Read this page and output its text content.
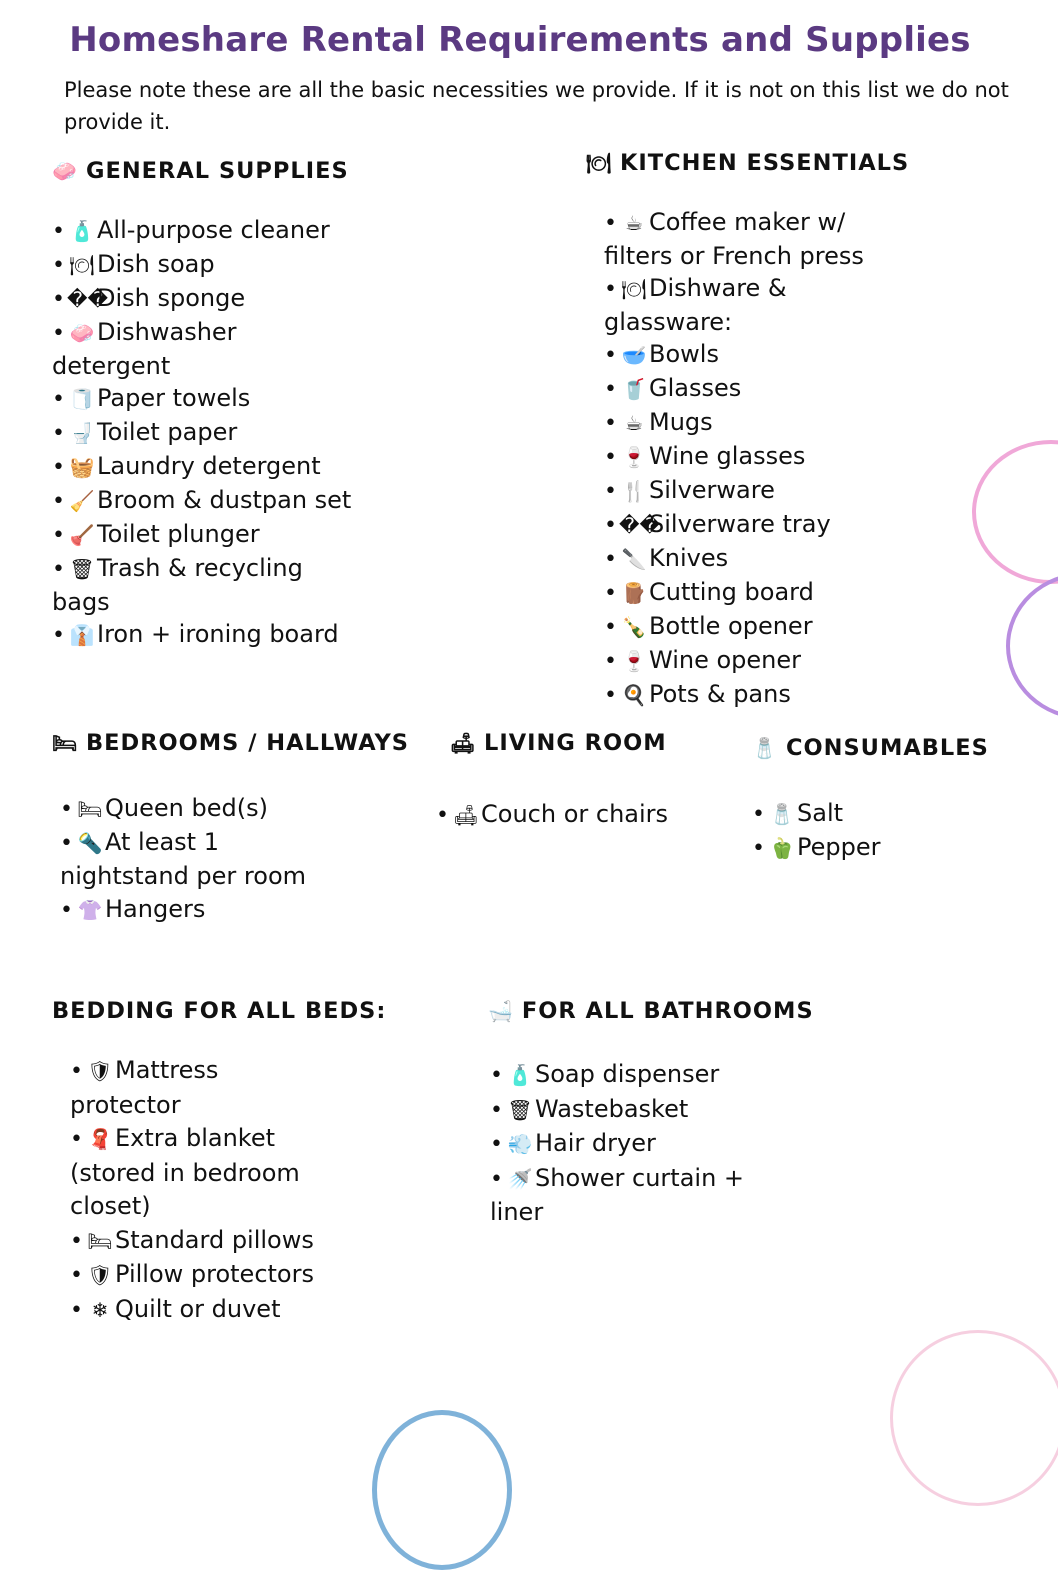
Homeshare Rental Requirements and Supplies
Please note these are all the basic necessities we provide. If it is not on this list we do not provide it.
🧼 GENERAL SUPPLIES
• 🧴 All-purpose cleaner
• 🍽Dish soap
• ��Dish sponge
• 🧼 Dishwasher detergent
• 🧻 Paper towels
• 🚽 Toilet paper
• 🧺 Laundry detergent
• 🧹 Broom & dustpan set
• 🪠 Toilet plunger
• 🗑Trash & recycling bags
• 👔 Iron + ironing board
🍽 KITCHEN ESSENTIALS
• ☕ Coffee maker w/ filters or French press
• 🍽Dishware & glassware:
• 🥣 Bowls
• 🥤 Glasses
• ☕ Mugs
• 🍷 Wine glasses
• 🍴 Silverware
• ��Silverware tray
• 🔪 Knives
• 🪵 Cutting board
• 🍾 Bottle opener
• 🍷 Wine opener
• 🍳 Pots & pans
🛏 BEDROOMS / HALLWAYS
• 🛏Queen bed(s)
• 🔦 At least 1 nightstand per room
• 👚 Hangers
🛋 LIVING ROOM
• 🛋Couch or chairs
🧂 CONSUMABLES
• 🧂 Salt
• 🫑 Pepper
BEDDING FOR ALL BEDS:
• 🛡Mattress protector
• 🧣 Extra blanket (stored in bedroom closet)
• 🛏Standard pillows
• 🛡Pillow protectors
• ❄ Quilt or duvet
🛁 FOR ALL BATHROOMS
• 🧴 Soap dispenser
• 🗑Wastebasket
• 💨 Hair dryer
• 🚿 Shower curtain + liner
